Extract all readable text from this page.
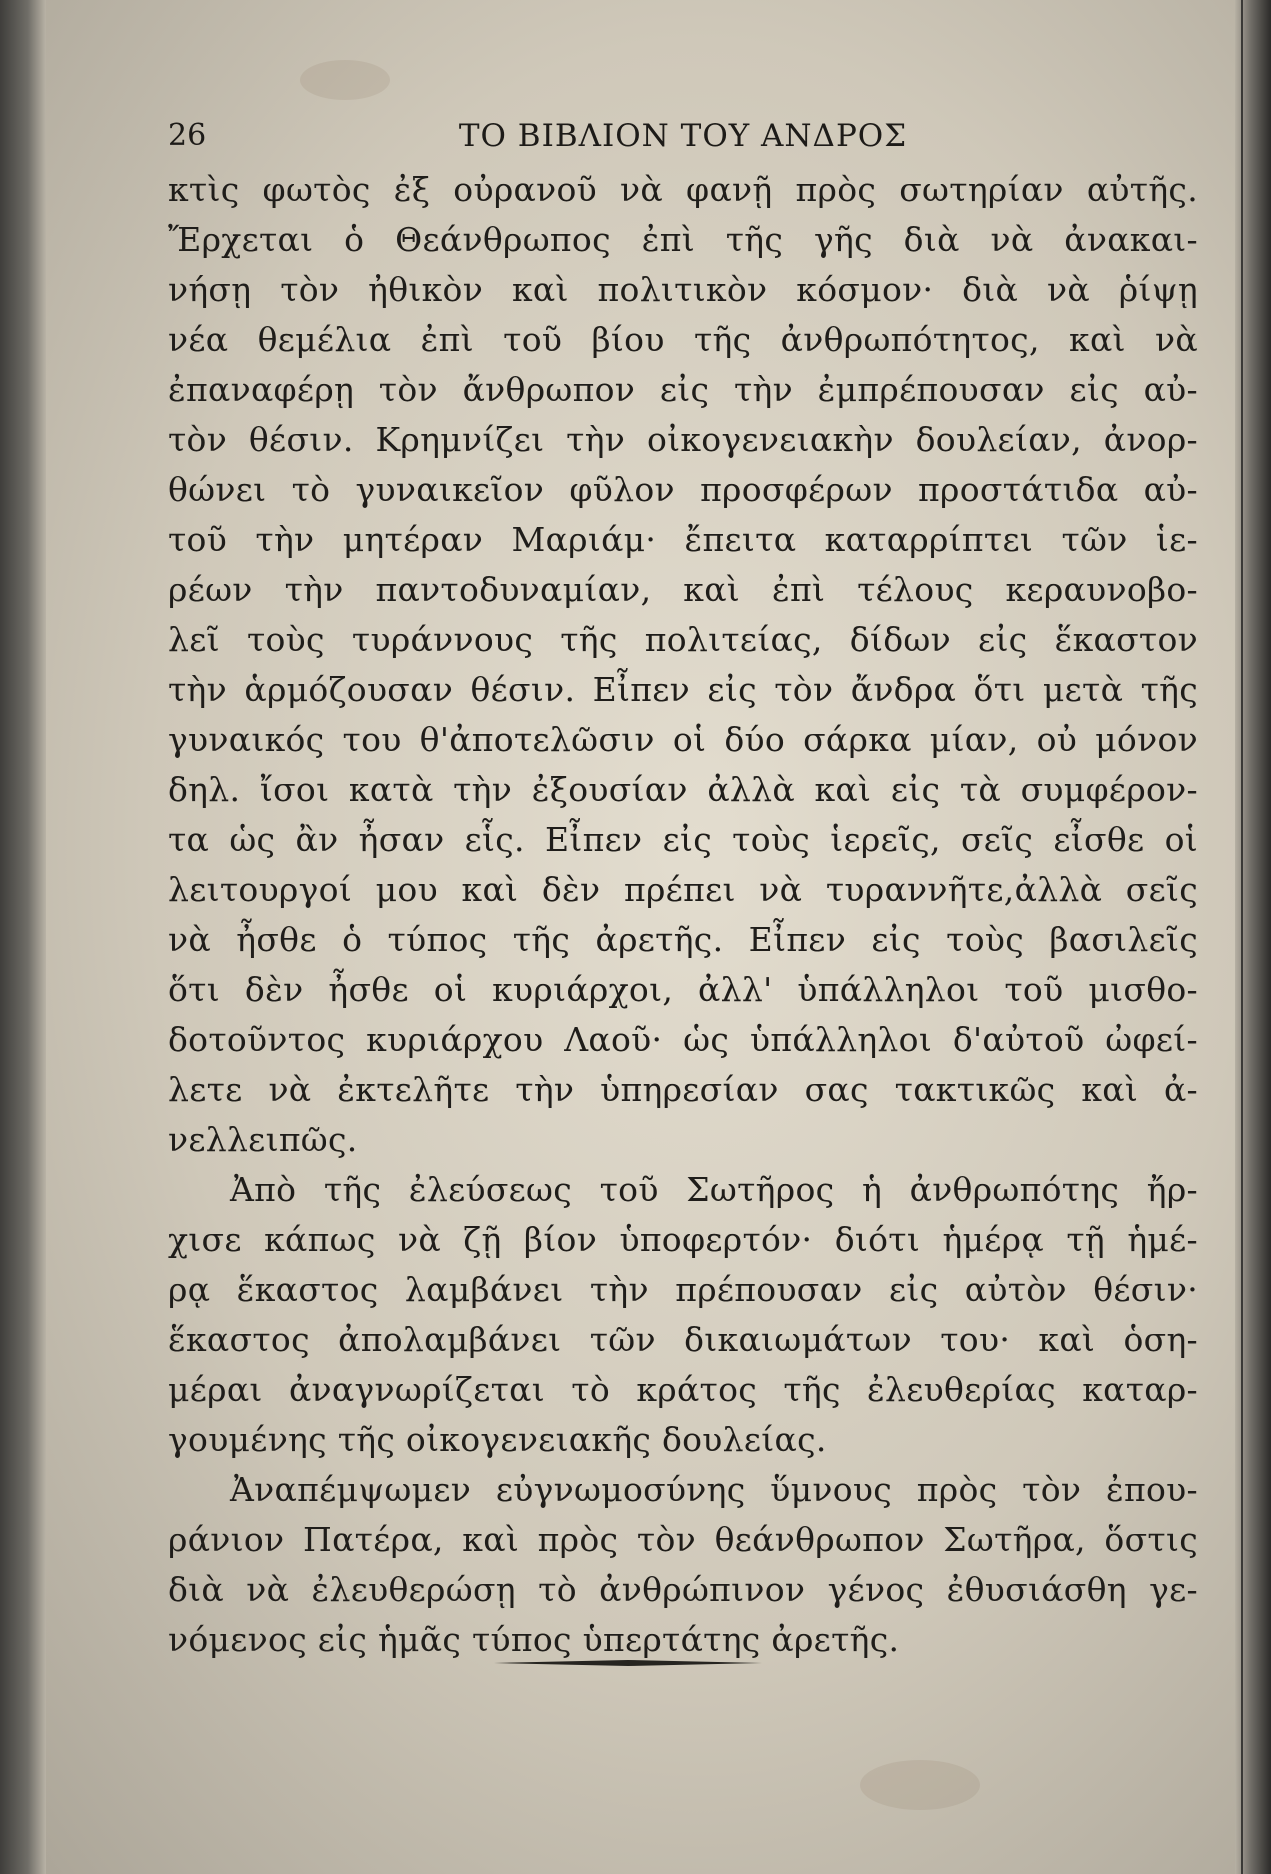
26	ΤΟ ΒΙΒΛΙΟΝ ΤΟΥ ΑΝΔΡΟΣ
κτὶς φωτὸς ἐξ οὐρανοῦ νὰ φανῇ πρὸς σωτηρίαν αὐτῆς.
Ἔρχεται ὁ Θεάνθρωπος ἐπὶ τῆς γῆς διὰ νὰ ἀνακαι-
νήσῃ τὸν ἠθικὸν καὶ πολιτικὸν κόσμον· διὰ νὰ ῥίψῃ
νέα θεμέλια ἐπὶ τοῦ βίου τῆς ἀνθρωπότητος, καὶ νὰ
ἐπαναφέρῃ τὸν ἄνθρωπον εἰς τὴν ἐμπρέπουσαν εἰς αὐ-
τὸν θέσιν. Κρημνίζει τὴν οἰκογενειακὴν δουλείαν, ἀνορ-
θώνει τὸ γυναικεῖον φῦλον προσφέρων προστάτιδα αὐ-
τοῦ τὴν μητέραν Μαριάμ· ἔπειτα καταρρίπτει τῶν ἱε-
ρέων τὴν παντοδυναμίαν, καὶ ἐπὶ τέλους κεραυνοβο-
λεῖ τοὺς τυράννους τῆς πολιτείας, δίδων εἰς ἕκαστον
τὴν ἁρμόζουσαν θέσιν. Εἶπεν εἰς τὸν ἄνδρα ὅτι μετὰ τῆς
γυναικός του θ'ἀποτελῶσιν οἱ δύο σάρκα μίαν, οὐ μόνον
δηλ. ἴσοι κατὰ τὴν ἐξουσίαν ἀλλὰ καὶ εἰς τὰ συμφέρον-
τα ὡς ἂν ἦσαν εἷς. Εἶπεν εἰς τοὺς ἱερεῖς, σεῖς εἶσθε οἱ
λειτουργοί μου καὶ δὲν πρέπει νὰ τυραννῆτε,ἀλλὰ σεῖς
νὰ ἦσθε ὁ τύπος τῆς ἀρετῆς. Εἶπεν εἰς τοὺς βασιλεῖς
ὅτι δὲν ἦσθε οἱ κυριάρχοι, ἀλλ' ὑπάλληλοι τοῦ μισθο-
δοτοῦντος κυριάρχου Λαοῦ· ὡς ὑπάλληλοι δ'αὐτοῦ ὠφεί-
λετε νὰ ἐκτελῆτε τὴν ὑπηρεσίαν σας τακτικῶς καὶ ἀ-
νελλειπῶς.
Ἀπὸ τῆς ἐλεύσεως τοῦ Σωτῆρος ἡ ἀνθρωπότης ἤρ-
χισε κάπως νὰ ζῇ βίον ὑποφερτόν· διότι ἡμέρᾳ τῇ ἡμέ-
ρᾳ ἕκαστος λαμβάνει τὴν πρέπουσαν εἰς αὐτὸν θέσιν·
ἕκαστος ἀπολαμβάνει τῶν δικαιωμάτων του· καὶ ὁση-
μέραι ἀναγνωρίζεται τὸ κράτος τῆς ἐλευθερίας καταρ-
γουμένης τῆς οἰκογενειακῆς δουλείας.
Ἀναπέμψωμεν εὐγνωμοσύνης ὕμνους πρὸς τὸν ἐπου-
ράνιον Πατέρα, καὶ πρὸς τὸν θεάνθρωπον Σωτῆρα, ὅστις
διὰ νὰ ἐλευθερώσῃ τὸ ἀνθρώπινον γένος ἐθυσιάσθη γε-
νόμενος εἰς ἡμᾶς τύπος ὑπερτάτης ἀρετῆς.
